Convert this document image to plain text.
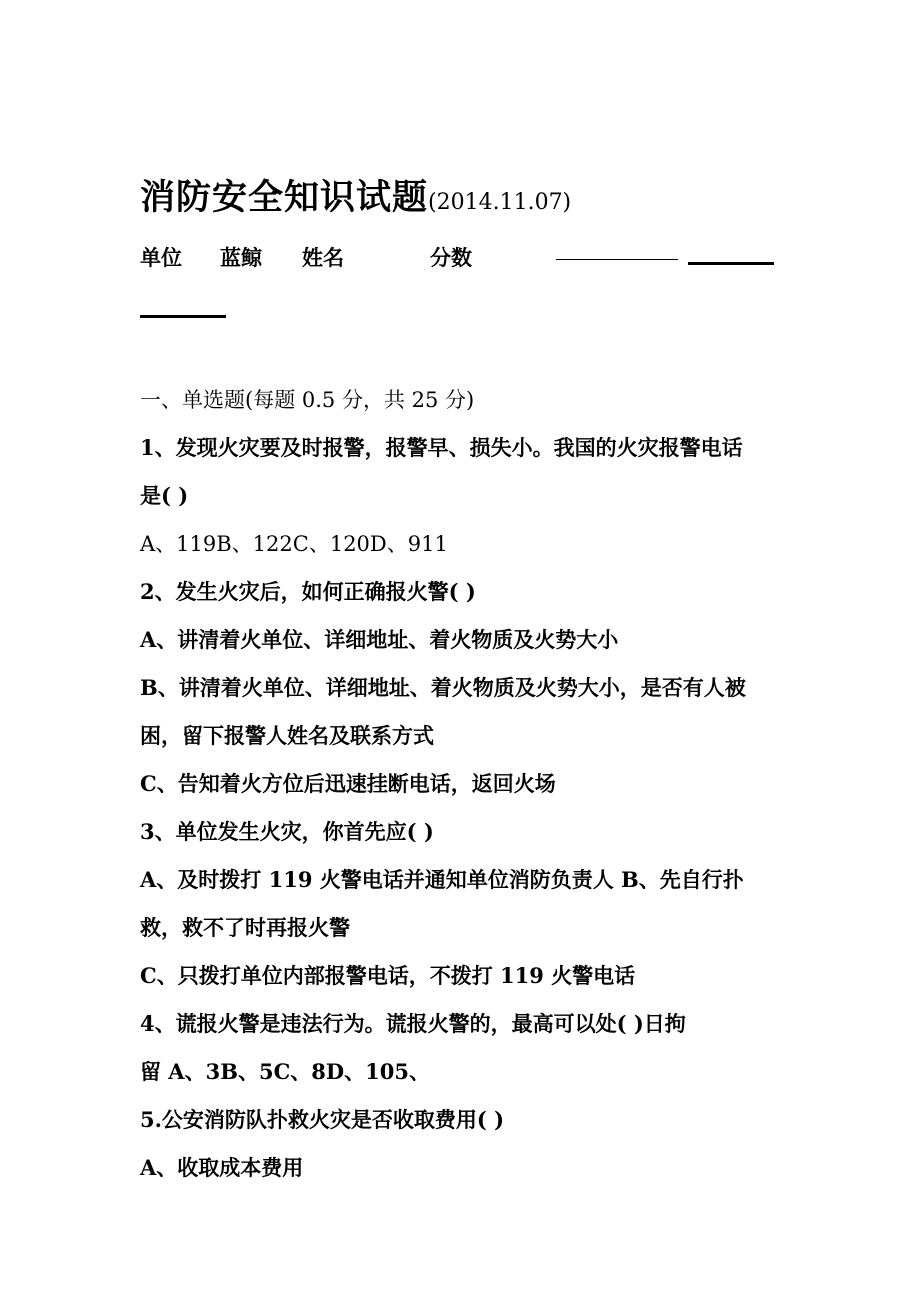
消防安全知识试题(2014.11.07)
单位 蓝鲸 姓名	分数
一、单选题(每题 0.5 分，共 25 分)
1、发现火灾要及时报警，报警早、损失小。我国的火灾报警电话
是( )
A、119B、122C、120D、911
2、发生火灾后，如何正确报火警( )
A、讲清着火单位、详细地址、着火物质及火势大小
B、讲清着火单位、详细地址、着火物质及火势大小，是否有人被
困，留下报警人姓名及联系方式
C、告知着火方位后迅速挂断电话，返回火场
3、单位发生火灾，你首先应( )
A、及时拨打 119 火警电话并通知单位消防负责人 B、先自行扑
救，救不了时再报火警
C、只拨打单位内部报警电话，不拨打 119 火警电话
4、谎报火警是违法行为。谎报火警的，最高可以处( )日拘
留 A、3B、5C、8D、105、
5.公安消防队扑救火灾是否收取费用( )
A、收取成本费用
